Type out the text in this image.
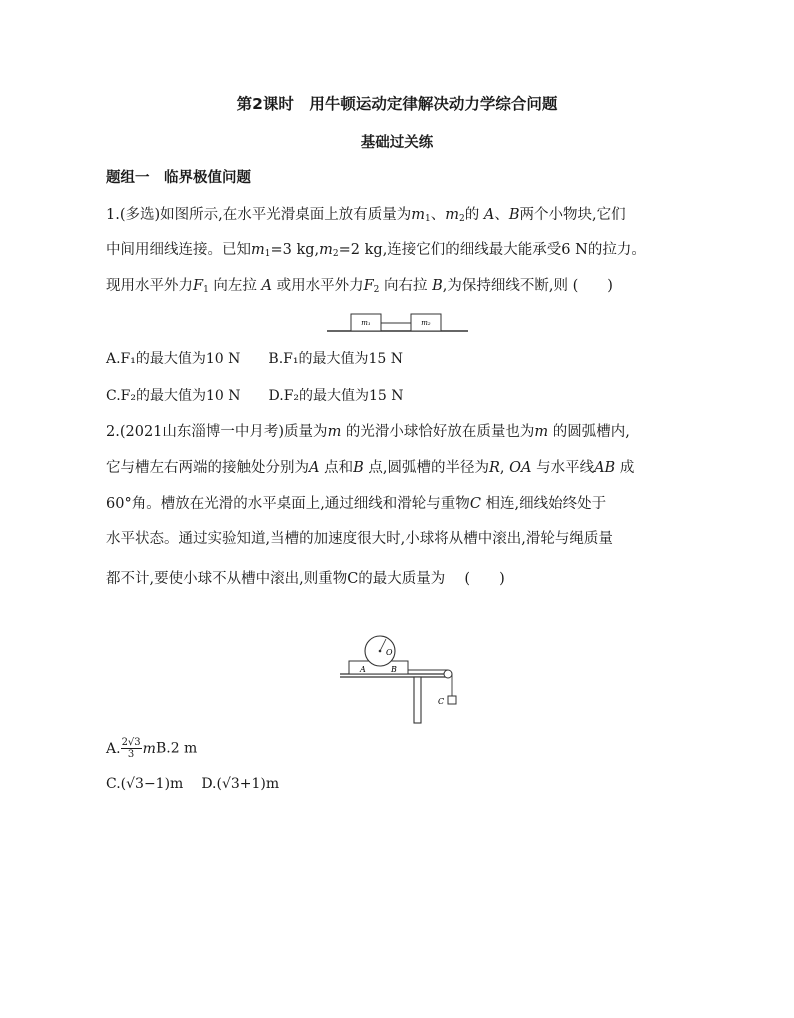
第2课时　用牛顿运动定律解决动力学综合问题
基础过关练
题组一　临界极值问题
1.(多选)如图所示,在水平光滑桌面上放有质量为$m_1$、$m_2$的 A、B两个小物块,它们
中间用细线连接。已知$m_1=3$ $kg,m_2=2$ kg,连接它们的细线最大能承受6 N的拉力。
现用水平外力$F_1$ 向左拉 A 或用水平外力$F_2$ 向右拉 B,为保持细线不断,则 (　　)
m₁	m₂
A.F₁的最大值为10 N B.F₁的最大值为15 N
C.F₂的最大值为10 N D.F₂的最大值为15 N
2.(2021山东淄博一中月考)质量为m 的光滑小球恰好放在质量也为m 的圆弧槽内,
它与槽左右两端的接触处分别为A 点和B 点,圆弧槽的半径为R, OA 与水平线AB 成
60°角。槽放在光滑的水平桌面上,通过细线和滑轮与重物C 相连,细线始终处于
水平状态。通过实验知道,当槽的加速度很大时,小球将从槽中滚出,滑轮与绳质量
都不计,要使小球不从槽中滚出,则重物C的最大质量为　 (　　)
O
A	B
C
A. $\frac{2√3}{3} mB.2$ m
C.(√3−1)m D.(√3+1)m
